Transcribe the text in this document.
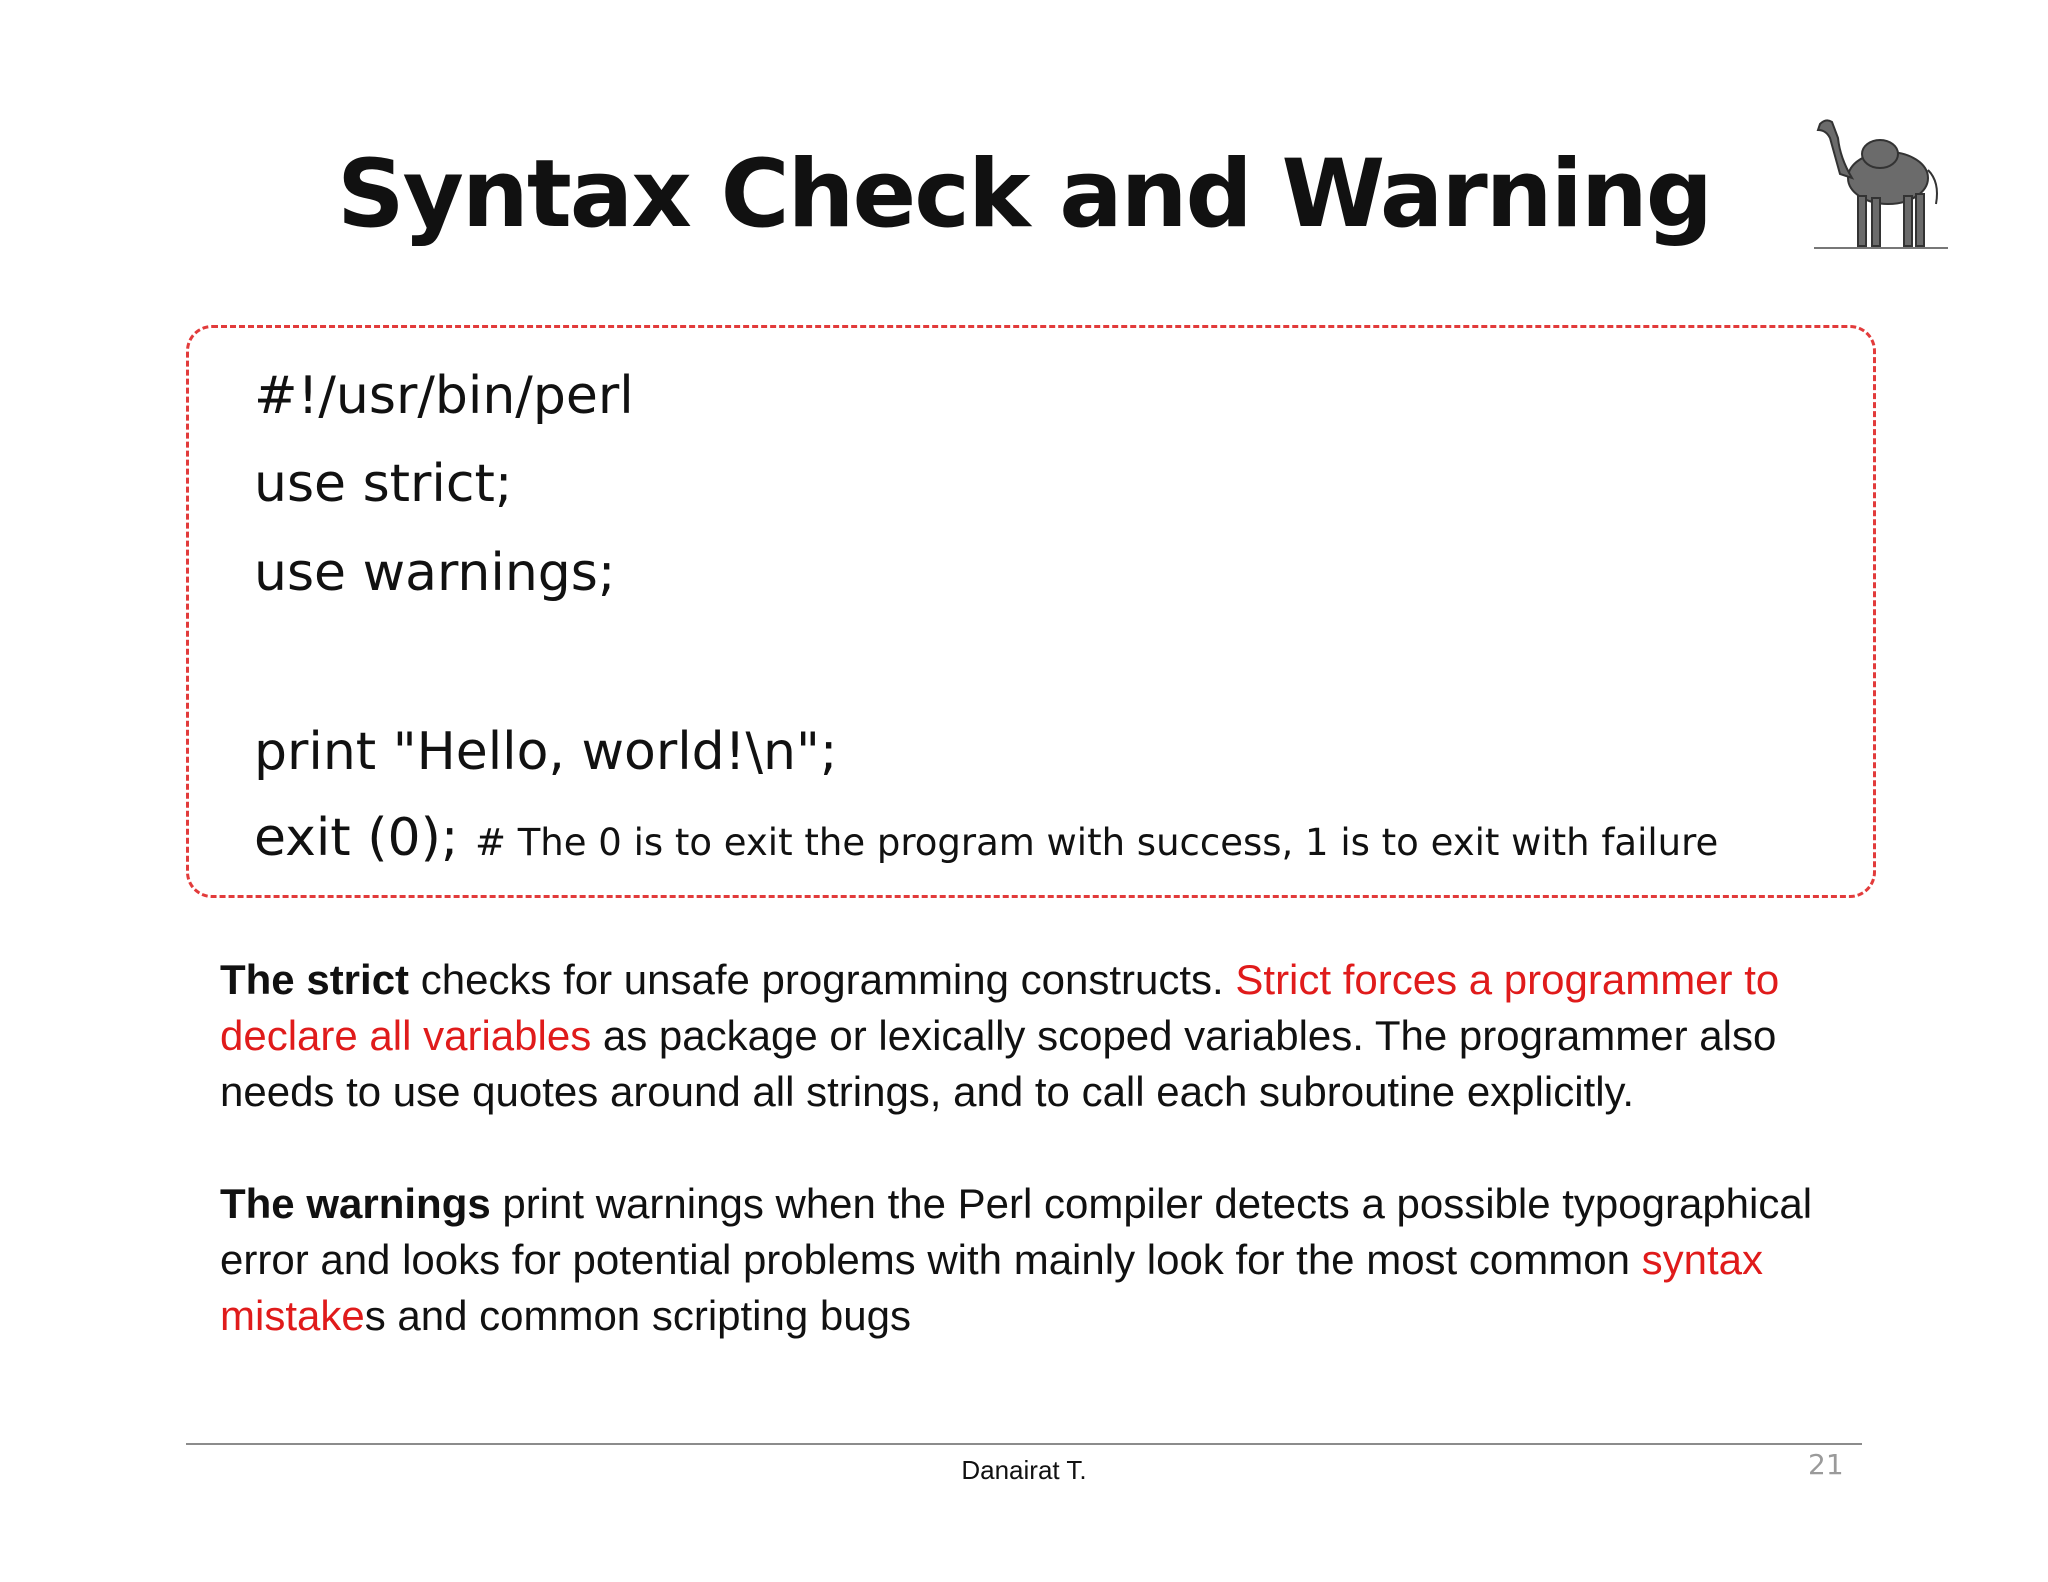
Syntax Check and Warning
#!/usr/bin/perl
use strict;
use warnings;
print "Hello, world!\n";
exit (0); # The 0 is to exit the program with success, 1 is to exit with failure

The strict checks for unsafe programming constructs. Strict forces a programmer to declare all variables as package or lexically scoped variables. The programmer also needs to use quotes around all strings, and to call each subroutine explicitly.

The warnings print warnings when the Perl compiler detects a possible typographical error and looks for potential problems with mainly look for the most common syntax mistakes and common scripting bugs

Danairat T.	21
